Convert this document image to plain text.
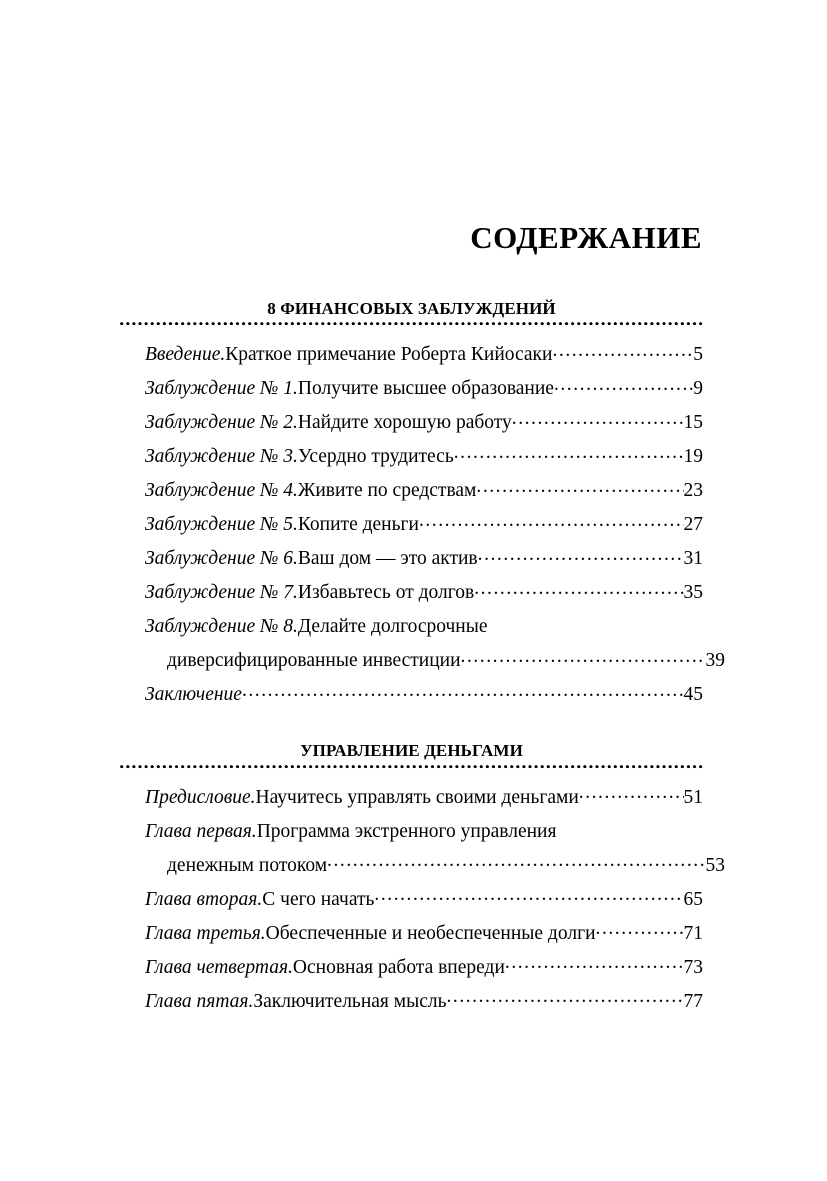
СОДЕРЖАНИЕ
8 ФИНАНСОВЫХ ЗАБЛУЖДЕНИЙ
Введение. Краткое примечание Роберта Кийосаки .....	5
Заблуждение № 1. Получите высшее образование .....	9
Заблуждение № 2. Найдите хорошую работу .....	15
Заблуждение № 3. Усердно трудитесь .....	19
Заблуждение № 4. Живите по средствам .....	23
Заблуждение № 5. Копите деньги .....	27
Заблуждение № 6. Ваш дом — это актив .....	31
Заблуждение № 7. Избавьтесь от долгов .....	35
Заблуждение № 8. Делайте долгосрочные
диверсифицированные инвестиции .....	39
Заключение .....	45
УПРАВЛЕНИЕ ДЕНЬГАМИ
Предисловие. Научитесь управлять своими деньгами .....	51
Глава первая. Программа экстренного управления
денежным потоком .....	53
Глава вторая. С чего начать .....	65
Глава третья. Обеспеченные и необеспеченные долги .....	71
Глава четвертая. Основная работа впереди .....	73
Глава пятая. Заключительная мысль .....	77
